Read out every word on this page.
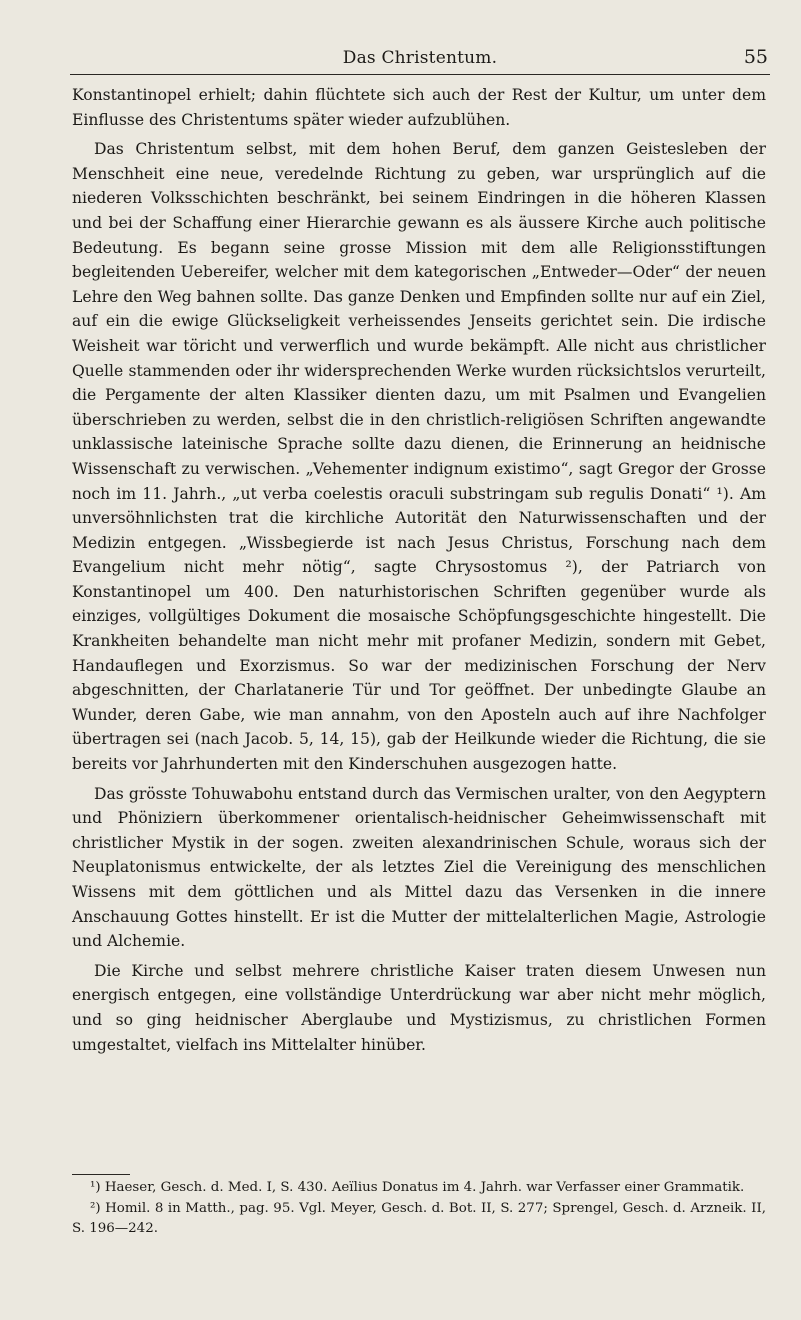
Das Christentum.	55

Konstantinopel erhielt; dahin flüchtete sich auch der Rest der Kultur, um unter dem Einflusse des Christentums später wieder aufzublühen.

Das Christentum selbst, mit dem hohen Beruf, dem ganzen Geistesleben der Menschheit eine neue, veredelnde Richtung zu geben, war ursprünglich auf die niederen Volksschichten beschränkt, bei seinem Eindringen in die höheren Klassen und bei der Schaffung einer Hierarchie gewann es als äussere Kirche auch politische Bedeutung. Es begann seine grosse Mission mit dem alle Religionsstiftungen begleitenden Uebereifer, welcher mit dem kategorischen „Entweder—Oder“ der neuen Lehre den Weg bahnen sollte. Das ganze Denken und Empfinden sollte nur auf ein Ziel, auf ein die ewige Glückseligkeit verheissendes Jenseits gerichtet sein. Die irdische Weisheit war töricht und verwerflich und wurde bekämpft. Alle nicht aus christlicher Quelle stammenden oder ihr widersprechenden Werke wurden rücksichtslos verurteilt, die Pergamente der alten Klassiker dienten dazu, um mit Psalmen und Evangelien überschrieben zu werden, selbst die in den christlich-religiösen Schriften angewandte unklassische lateinische Sprache sollte dazu dienen, die Erinnerung an heidnische Wissenschaft zu verwischen. „Vehementer indignum existimo“, sagt Gregor der Grosse noch im 11. Jahrh., „ut verba coelestis oraculi substringam sub regulis Donati“ ¹). Am unversöhnlichsten trat die kirchliche Autorität den Naturwissenschaften und der Medizin entgegen. „Wissbegierde ist nach Jesus Christus, Forschung nach dem Evangelium nicht mehr nötig“, sagte Chrysostomus ²), der Patriarch von Konstantinopel um 400. Den naturhistorischen Schriften gegenüber wurde als einziges, vollgültiges Dokument die mosaische Schöpfungsgeschichte hingestellt. Die Krankheiten behandelte man nicht mehr mit profaner Medizin, sondern mit Gebet, Handauflegen und Exorzismus. So war der medizinischen Forschung der Nerv abgeschnitten, der Charlatanerie Tür und Tor geöffnet. Der unbedingte Glaube an Wunder, deren Gabe, wie man annahm, von den Aposteln auch auf ihre Nachfolger übertragen sei (nach Jacob. 5, 14, 15), gab der Heilkunde wieder die Richtung, die sie bereits vor Jahrhunderten mit den Kinderschuhen ausgezogen hatte.

Das grösste Tohuwabohu entstand durch das Vermischen uralter, von den Aegyptern und Phöniziern überkommener orientalisch-heidnischer Geheimwissenschaft mit christlicher Mystik in der sogen. zweiten alexandrinischen Schule, woraus sich der Neuplatonismus entwickelte, der als letztes Ziel die Vereinigung des menschlichen Wissens mit dem göttlichen und als Mittel dazu das Versenken in die innere Anschauung Gottes hinstellt. Er ist die Mutter der mittelalterlichen Magie, Astrologie und Alchemie.

Die Kirche und selbst mehrere christliche Kaiser traten diesem Unwesen nun energisch entgegen, eine vollständige Unterdrückung war aber nicht mehr möglich, und so ging heidnischer Aberglaube und Mystizismus, zu christlichen Formen umgestaltet, vielfach ins Mittelalter hinüber.

¹) Haeser, Gesch. d. Med. I, S. 430. Aeïlius Donatus im 4. Jahrh. war Verfasser einer Grammatik.

²) Homil. 8 in Matth., pag. 95. Vgl. Meyer, Gesch. d. Bot. II, S. 277; Sprengel, Gesch. d. Arzneik. II, S. 196—242.
